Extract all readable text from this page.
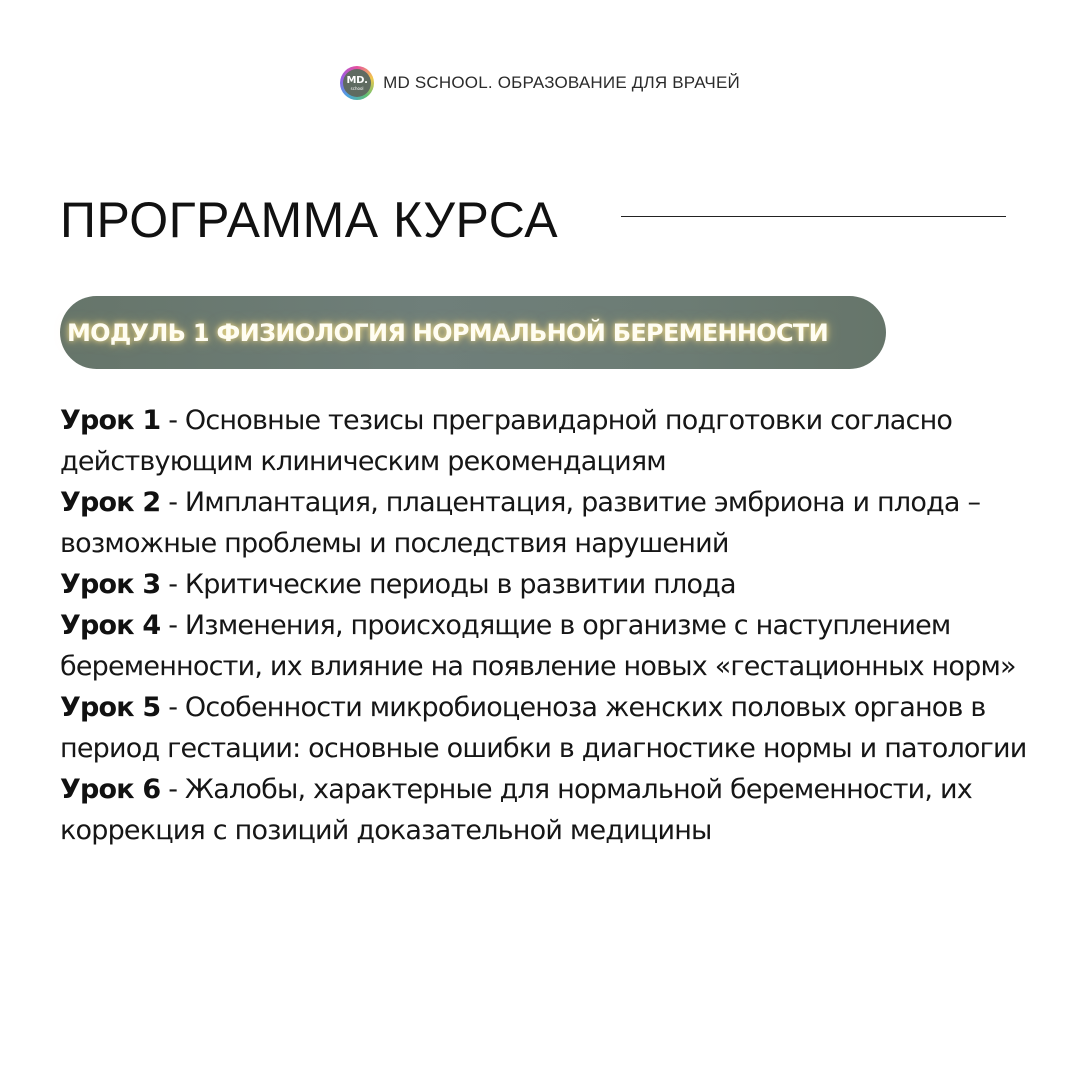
MD.
school MD SCHOOL. ОБРАЗОВАНИЕ ДЛЯ ВРАЧЕЙ
ПРОГРАММА КУРСА
МОДУЛЬ 1 ФИЗИОЛОГИЯ НОРМАЛЬНОЙ БЕРЕМЕННОСТИ
Урок 1 - Основные тезисы прегравидарной подготовки согласно действующим клиническим рекомендациям
Урок 2 - Имплантация, плацентация, развитие эмбриона и плода – возможные проблемы и последствия нарушений
Урок 3 - Критические периоды в развитии плода
Урок 4 - Изменения, происходящие в организме с наступлением беременности, их влияние на появление новых «гестационных норм»
Урок 5 - Особенности микробиоценоза женских половых органов в период гестации: основные ошибки в диагностике нормы и патологии
Урок 6 - Жалобы, характерные для нормальной беременности, их коррекция с позиций доказательной медицины
